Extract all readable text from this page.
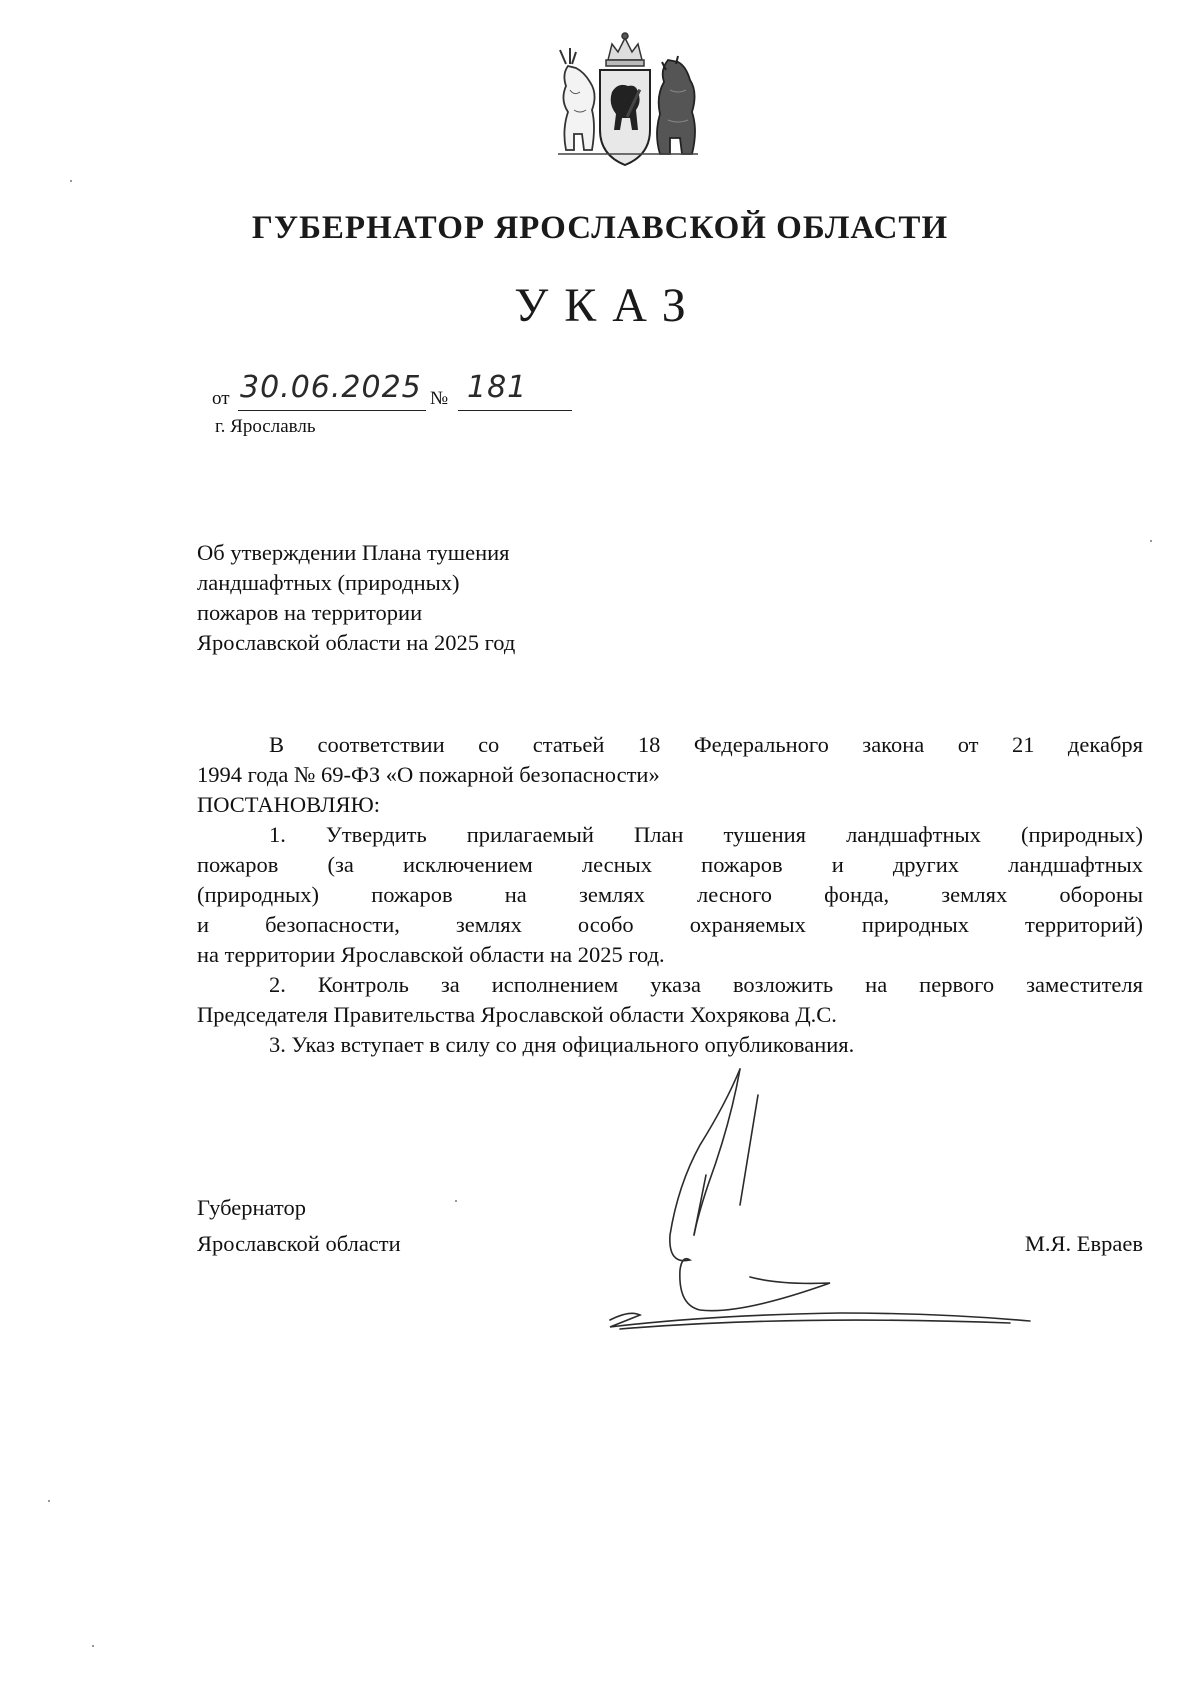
ГУБЕРНАТОР ЯРОСЛАВСКОЙ ОБЛАСТИ
УКАЗ
от 30.06.2025 № 181
г. Ярославль
Об утверждении Плана тушения
ландшафтных (природных)
пожаров на территории
Ярославской области на 2025 год
В соответствии со статьей 18 Федерального закона от 21 декабря
1994 года № 69-ФЗ «О пожарной безопасности»
ПОСТАНОВЛЯЮ:
1. Утвердить прилагаемый План тушения ландшафтных (природных)
пожаров (за исключением лесных пожаров и других ландшафтных
(природных) пожаров на землях лесного фонда, землях обороны
и безопасности, землях особо охраняемых природных территорий)
на территории Ярославской области на 2025 год.
2. Контроль за исполнением указа возложить на первого заместителя
Председателя Правительства Ярославской области Хохрякова Д.С.
3. Указ вступает в силу со дня официального опубликования.
Губернатор
Ярославской области	М.Я. Евраев
